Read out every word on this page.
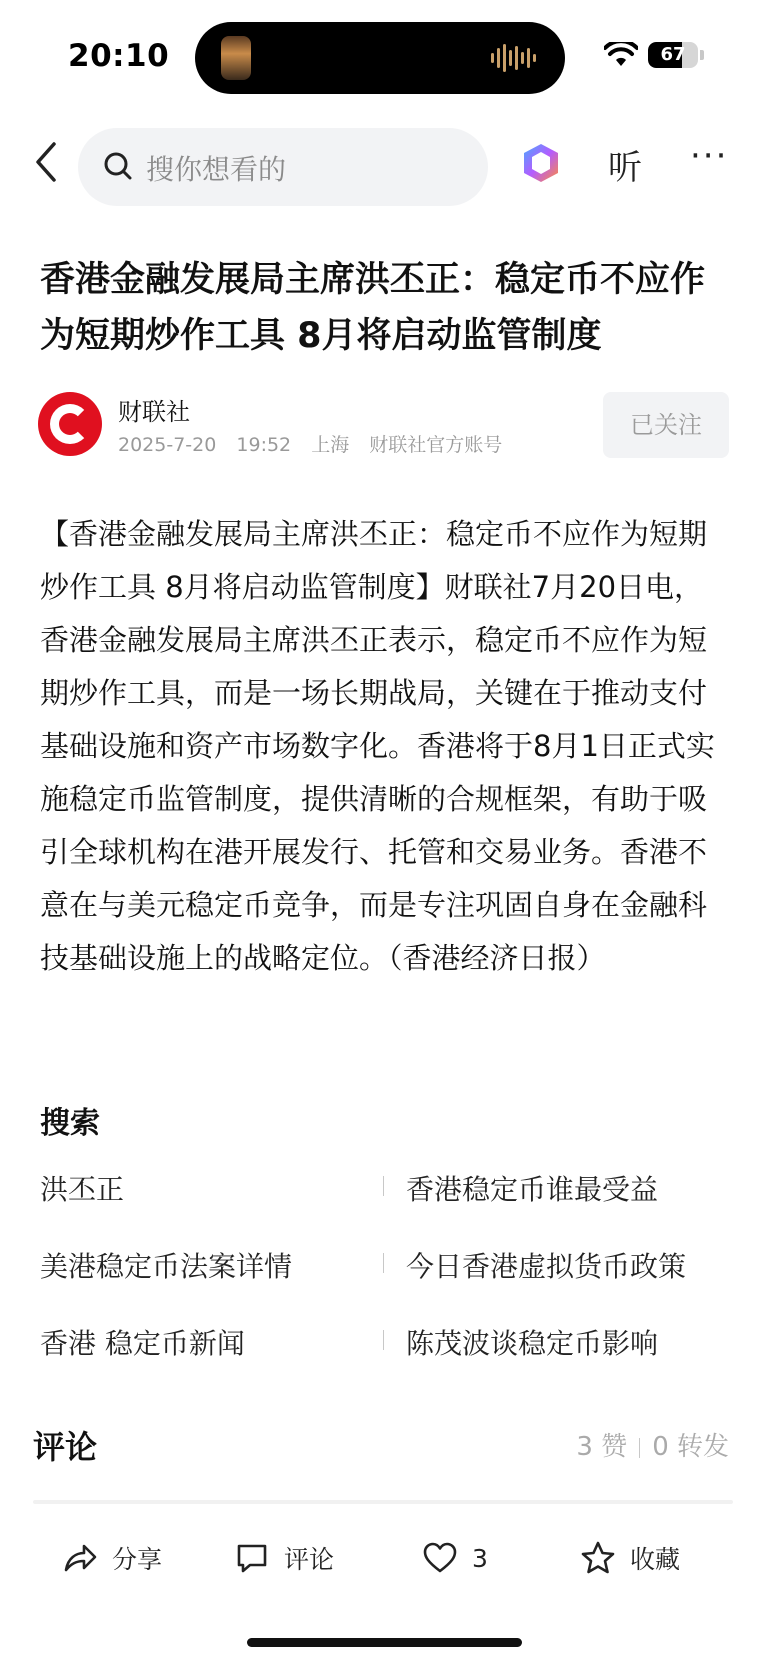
20:10	67
搜你想看的	听 ···
香港金融发展局主席洪丕正：稳定币不应作为短期炒作工具 8月将启动监管制度
财联社
2025-7-20 19:52 上海 财联社官方账号
已关注
【香港金融发展局主席洪丕正：稳定币不应作为短期炒作工具 8月将启动监管制度】财联社7月20日电，香港金融发展局主席洪丕正表示，稳定币不应作为短期炒作工具，而是一场长期战局，关键在于推动支付基础设施和资产市场数字化。香港将于8月1日正式实施稳定币监管制度，提供清晰的合规框架，有助于吸引全球机构在港开展发行、托管和交易业务。香港不意在与美元稳定币竞争，而是专注巩固自身在金融科技基础设施上的战略定位。（香港经济日报）
搜索
洪丕正	香港稳定币谁最受益
美港稳定币法案详情	今日香港虚拟货币政策
香港 稳定币新闻	陈茂波谈稳定币影响
评论	3 赞 0 转发
分享	评论	3	收藏
